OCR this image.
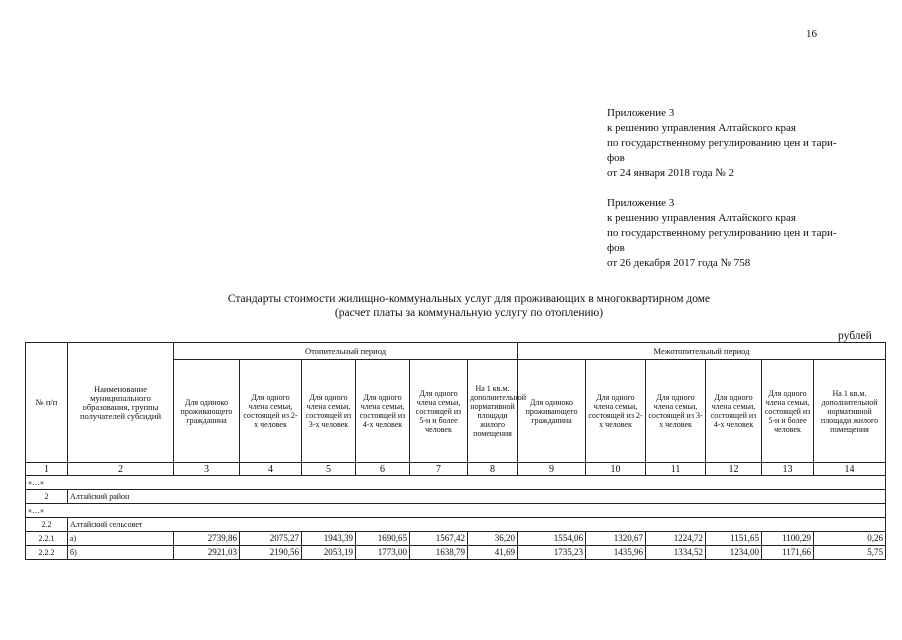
16
Приложение 3
к решению управления Алтайского края
по государственному регулированию цен и тари-
фов
от 24 января 2018 года № 2
Приложение 3
к решению управления Алтайского края
по государственному регулированию цен и тари-
фов
от 26 декабря 2017 года № 758
Стандарты стоимости жилищно-коммунальных услуг для проживающих в многоквартирном доме
(расчет платы за коммунальную услугу по отоплению)
рублей
№ п/п	Наименование муниципального образования, группы получателей субсидий	Отопительный период						Межотопительный период					
		Для одиноко проживающего гражданина	Для одного члена семьи, состоящей из 2-х человек	Для одного члена семьи, состоящей из 3-х человек	Для одного члена семьи, состоящей из 4-х человек	Для одного члена семьи, состоящей из 5-и и более человек	На 1 кв.м. дополнительной нормативной площади жилого помещения	Для одиноко проживающего гражданина	Для одного члена семьи, состоящей из 2-х человек	Для одного члена семьи, состоящей из 3-х человек	Для одного члена семьи, состоящей из 4-х человек	Для одного члена семьи, состоящей из 5-и и более человек	На 1 кв.м. дополнительной нормативной площади жилого помещения
1	2	3	4	5	6	7	8	9	10	11	12	13	14
«…»													
2	Алтайский район												
«…»													
2.2	Алтайский сельсовет												
2.2.1	а)	2739,86	2075,27	1943,39	1690,65	1567,42	36,20	1554,06	1320,67	1224,72	1151,65	1100,29	0,26
2.2.2	б)	2921,03	2190,56	2053,19	1773,00	1638,79	41,69	1735,23	1435,96	1334,52	1234,00	1171,66	5,75
